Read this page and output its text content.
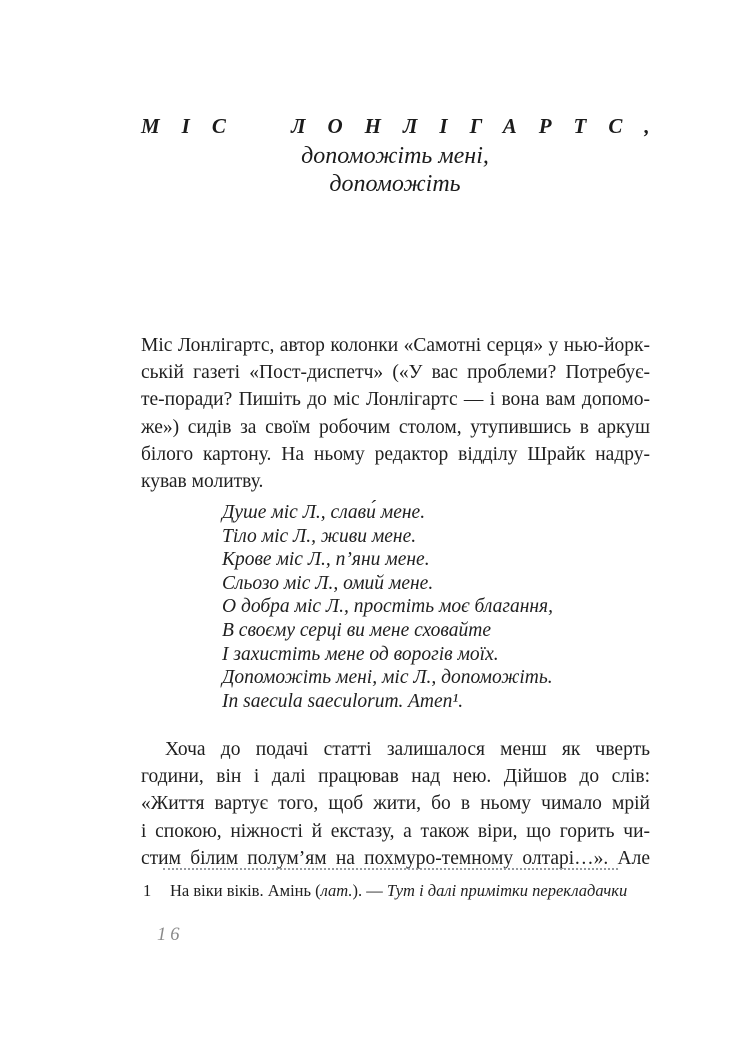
МІС ЛОНЛІГАРТС,
допоможіть мені,
допоможіть
Міс Лонлігартс, автор колонки «Самотні серця» у нью-йорк-
ській газеті «Пост-диспетч» («У вас проблеми? Потребує-
те-поради? Пишіть до міс Лонлігартс — і вона вам допомо-
же») сидів за своїм робочим столом, утупившись в аркуш
білого картону. На ньому редактор відділу Шрайк надру-
кував молитву.
Душе міс Л., слави́ мене.
Тіло міс Л., живи мене.
Крове міс Л., п’яни мене.
Сльозо міс Л., омий мене.
О добра міс Л., простіть моє благання,
В своєму серці ви мене сховайте
І захистіть мене од ворогів моїх.
Допоможіть мені, міс Л., допоможіть.
In saecula saeculorum. Amen¹.
Хоча до подачі статті залишалося менш як чверть
години, він і далі працював над нею. Дійшов до слів:
«Життя вартує того, щоб жити, бо в ньому чимало мрій
і спокою, ніжності й екстазу, а також віри, що горить чи-
стим білим полум’ям на похмуро-темному олтарі…». Але
1 На віки віків. Амінь (лат.). — Тут і далі примітки перекладачки
16
